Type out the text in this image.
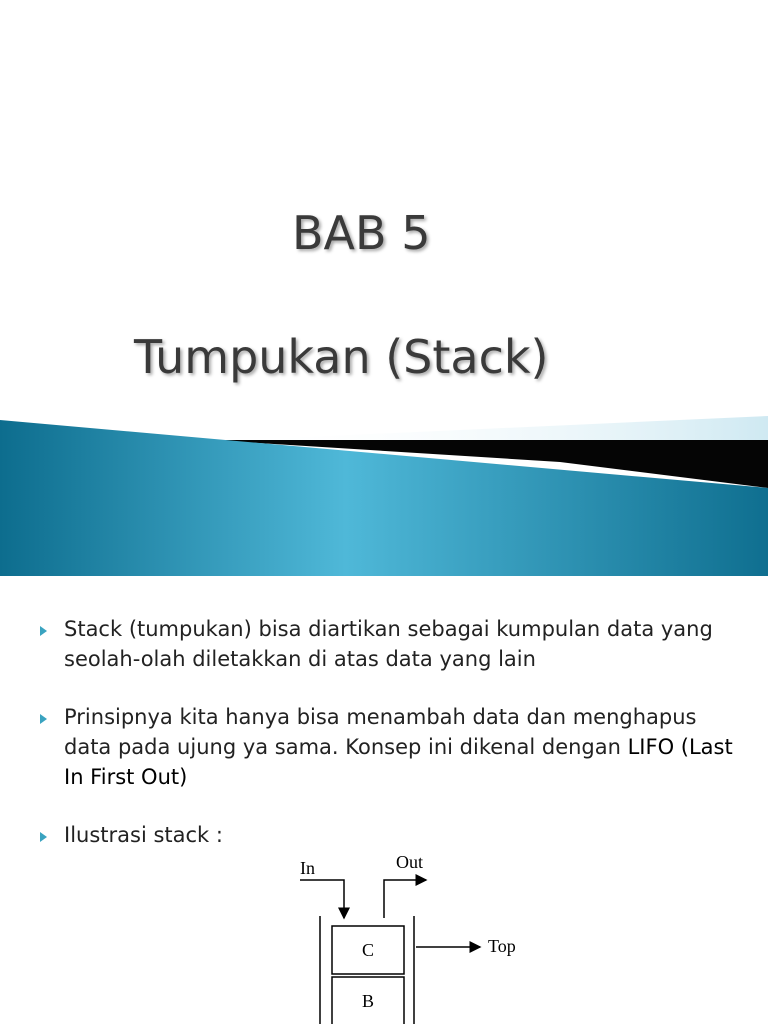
BAB 5
Tumpukan (Stack)
Stack (tumpukan) bisa diartikan sebagai kumpulan data yang seolah-olah diletakkan di atas data yang lain
Prinsipnya kita hanya bisa menambah data dan menghapus data pada ujung ya sama. Konsep ini dikenal dengan LIFO (Last In First Out)
Ilustrasi stack :
In	Out
C
B
Top
